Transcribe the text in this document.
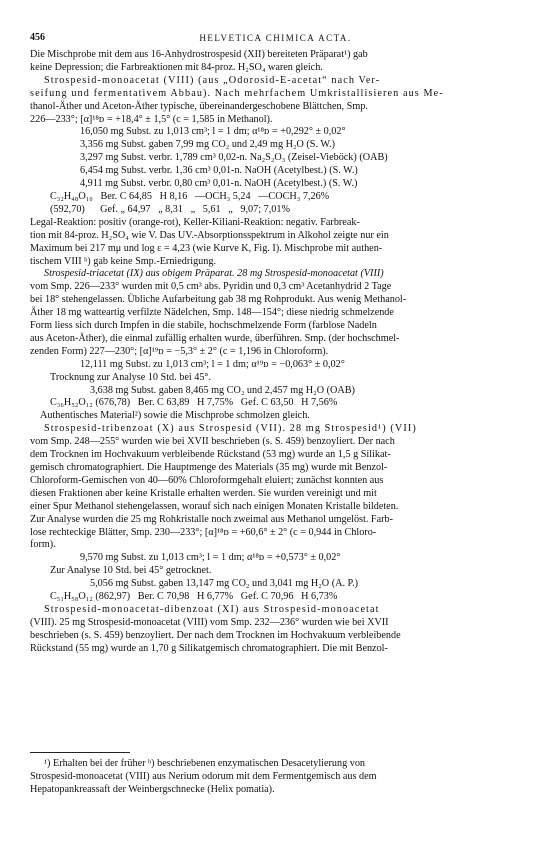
456	HELVETICA CHIMICA ACTA.

Die Mischprobe mit dem aus 16-Anhydrostrospesid (XII) bereiteten Präparat¹) gab

keine Depression; die Farbreaktionen mit 84-proz. H₂SO₄ waren gleich.

Strospesid-monoacetat (VIII) (aus „Odorosid-E-acetat“ nach Ver-

seifung und fermentativem Abbau). Nach mehrfachem Umkristallisieren aus Me-

thanol-Äther und Aceton-Äther typische, übereinandergeschobene Blättchen, Smp.

226—233°; [α]¹⁸ᴅ = +18,4° ± 1,5° (c = 1,585 in Methanol).

16,050 mg Subst. zu 1,013 cm³; l = 1 dm; α¹⁸ᴅ = +0,292° ± 0,02°

3,356 mg Subst. gaben 7,99 mg CO₂ und 2,49 mg H₂O (S. W.)

3,297 mg Subst. verbr. 1,789 cm³ 0,02-n. Na₂S₂O₃ (Zeisel-Vieböck) (OAB)

6,454 mg Subst. verbr. 1,36 cm³ 0,01-n. NaOH (Acetylbest.) (S. W.)

4,911 mg Subst. verbr. 0,80 cm³ 0,01-n. NaOH (Acetylbest.) (S. W.)

C₃₂H₄₈O₁₀   Ber. C 64,85   H 8,16   —OCH₃ 5,24   —COCH₃ 7,26%

(592,70)      Gef. „ 64,97   „ 8,31   „   5,61   „   9,07; 7,01%

Legal-Reaktion: positiv (orange-rot), Keller-Kiliani-Reaktion: negativ. Farbreak-

tion mit 84-proz. H₂SO₄ wie V. Das UV.-Absorptionsspektrum in Alkohol zeigte nur ein

Maximum bei 217 mμ und log ε = 4,23 (wie Kurve K, Fig. I). Mischprobe mit authen-

tischem VIII ᵇ) gab keine Smp.-Erniedrigung.

Strospesid-triacetat (IX) aus obigem Präparat. 28 mg Strospesid-monoacetat (VIII)

vom Smp. 226—233° wurden mit 0,5 cm³ abs. Pyridin und 0,3 cm³ Acetanhydrid 2 Tage

bei 18° stehengelassen. Übliche Aufarbeitung gab 38 mg Rohprodukt. Aus wenig Methanol-

Äther 18 mg watteartig verfilzte Nädelchen, Smp. 148—154°; diese niedrig schmelzende

Form liess sich durch Impfen in die stabile, hochschmelzende Form (farblose Nadeln

aus Aceton-Äther), die einmal zufällig erhalten wurde, überführen. Smp. (der hochschmel-

zenden Form) 227—230°; [α]¹⁹ᴅ = −5,3° ± 2° (c = 1,196 in Chloroform).

12,111 mg Subst. zu 1,013 cm³; l = 1 dm; α¹⁹ᴅ = −0,063° ± 0,02°

Trocknung zur Analyse 10 Std. bei 45°.

3,638 mg Subst. gaben 8,465 mg CO₂ und 2,457 mg H₂O (OAB)

C₃₆H₅₂O₁₂ (676,78)   Ber. C 63,89   H 7,75%   Gef. C 63,50   H 7,56%

Authentisches Material²) sowie die Mischprobe schmolzen gleich.

Strospesid-tribenzoat (X) aus Strospesid (VII). 28 mg Strospesid¹) (VII)

vom Smp. 248—255° wurden wie bei XVII beschrieben (s. S. 459) benzoyliert. Der nach

dem Trocknen im Hochvakuum verbleibende Rückstand (53 mg) wurde an 1,5 g Silikat-

gemisch chromatographiert. Die Hauptmenge des Materials (35 mg) wurde mit Benzol-

Chloroform-Gemischen von 40—60% Chloroformgehalt eluiert; zunächst konnten aus

diesen Fraktionen aber keine Kristalle erhalten werden. Sie wurden vereinigt und mit

einer Spur Methanol stehengelassen, worauf sich nach einigen Monaten Kristalle bildeten.

Zur Analyse wurden die 25 mg Rohkristalle noch zweimal aus Methanol umgelöst. Farb-

lose rechteckige Blätter, Smp. 230—233°; [α]¹⁸ᴅ = +60,6° ± 2° (c = 0,944 in Chloro-

form).

9,570 mg Subst. zu 1,013 cm³; l = 1 dm; α¹⁸ᴅ = +0,573° ± 0,02°

Zur Analyse 10 Std. bei 45° getrocknet.

5,056 mg Subst. gaben 13,147 mg CO₂ und 3,041 mg H₂O (A. P.)

C₅₁H₅₈O₁₂ (862,97)   Ber. C 70,98   H 6,77%   Gef. C 70,96   H 6,73%

Strospesid-monoacetat-dibenzoat (XI) aus Strospesid-monoacetat

(VIII). 25 mg Strospesid-monoacetat (VIII) vom Smp. 232—236° wurden wie bei XVII

beschrieben (s. S. 459) benzoyliert. Der nach dem Trocknen im Hochvakuum verbleibende

Rückstand (55 mg) wurde an 1,70 g Silikatgemisch chromatographiert. Die mit Benzol-

¹) Erhalten bei der früher ᵇ) beschriebenen enzymatischen Desacetylierung von

Strospesid-monoacetat (VIII) aus Nerium odorum mit dem Fermentgemisch aus dem

Hepatopankreassaft der Weinbergschnecke (Helix pomatia).
